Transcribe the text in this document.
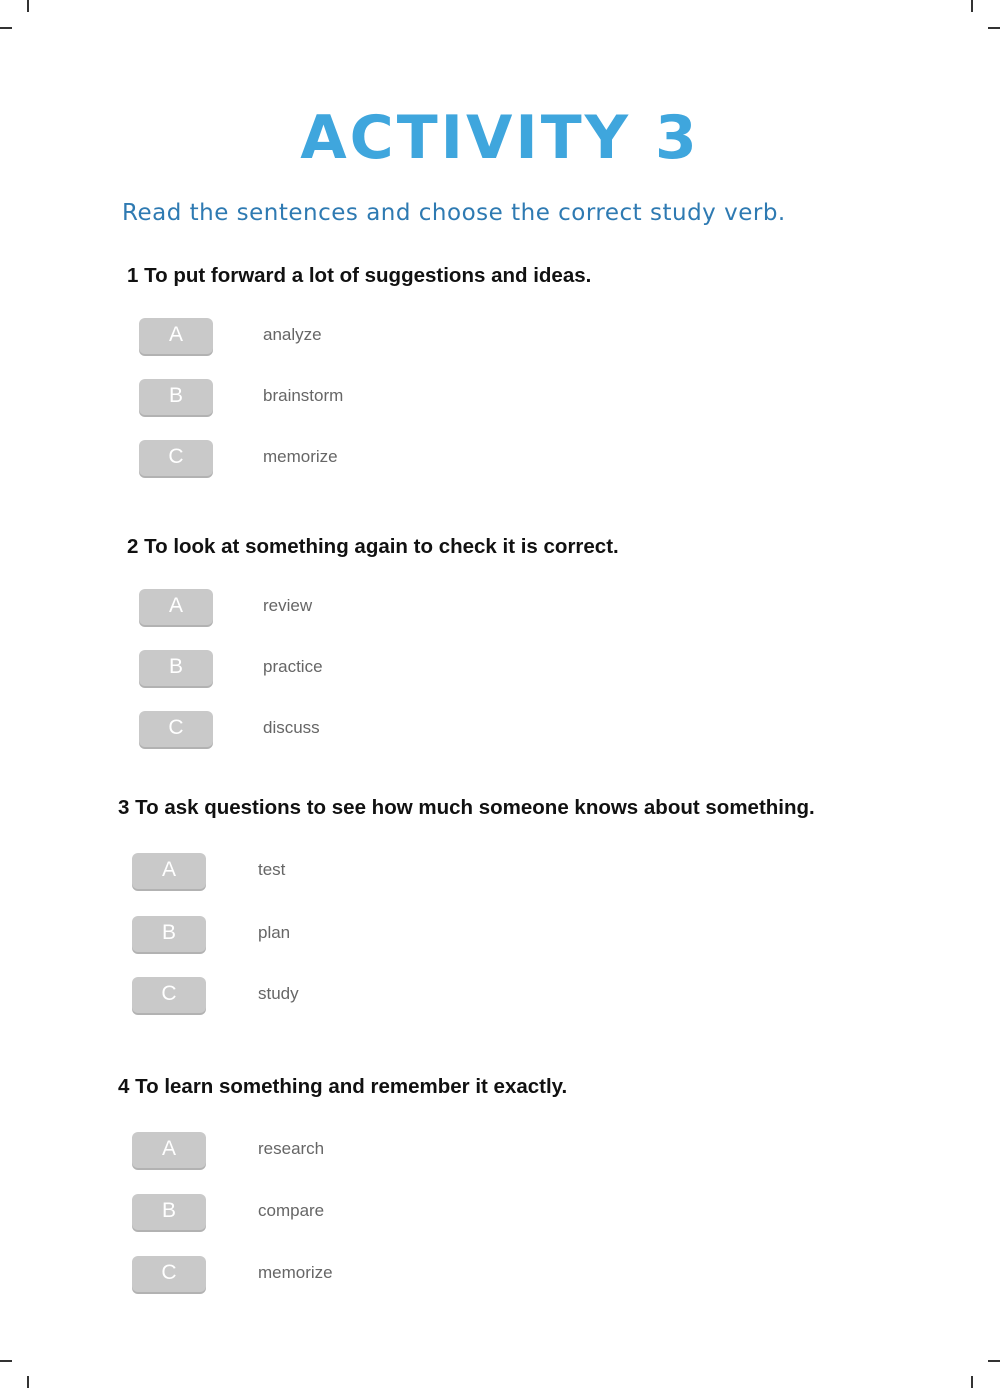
ACTIVITY 3

Read the sentences and choose the correct study verb.

1 To put forward a lot of suggestions and ideas.

A	analyze
B	brainstorm
C	memorize

2 To look at something again to check it is correct.

A	review
B	practice
C	discuss

3 To ask questions to see how much someone knows about something.

A	test
B	plan
C	study

4 To learn something and remember it exactly.

A	research
B	compare
C	memorize
